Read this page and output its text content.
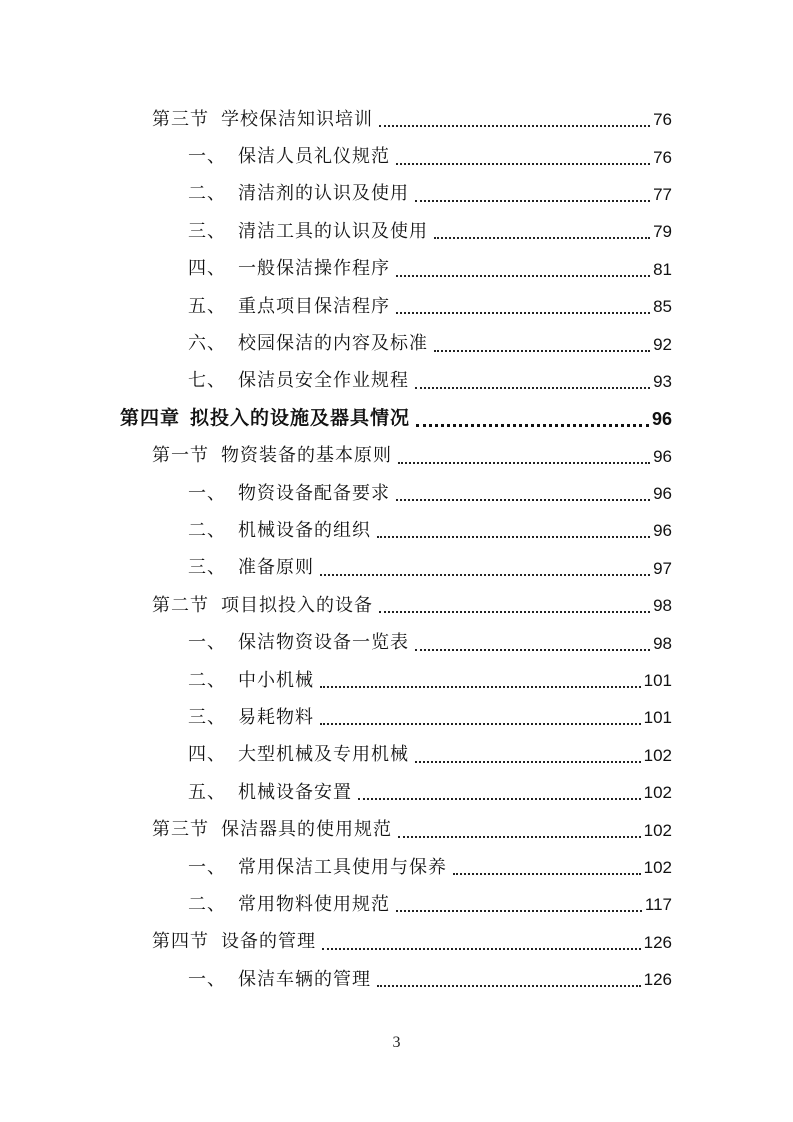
第三节 学校保洁知识培训	76
一、 保洁人员礼仪规范	76
二、 清洁剂的认识及使用	77
三、 清洁工具的认识及使用	79
四、 一般保洁操作程序	81
五、 重点项目保洁程序	85
六、 校园保洁的内容及标准	92
七、 保洁员安全作业规程	93
第四章 拟投入的设施及器具情况	96
第一节 物资装备的基本原则	96
一、 物资设备配备要求	96
二、 机械设备的组织	96
三、 准备原则	97
第二节 项目拟投入的设备	98
一、 保洁物资设备一览表	98
二、 中小机械	101
三、 易耗物料	101
四、 大型机械及专用机械	102
五、 机械设备安置	102
第三节 保洁器具的使用规范	102
一、 常用保洁工具使用与保养	102
二、 常用物料使用规范	117
第四节 设备的管理	126
一、 保洁车辆的管理	126
3
